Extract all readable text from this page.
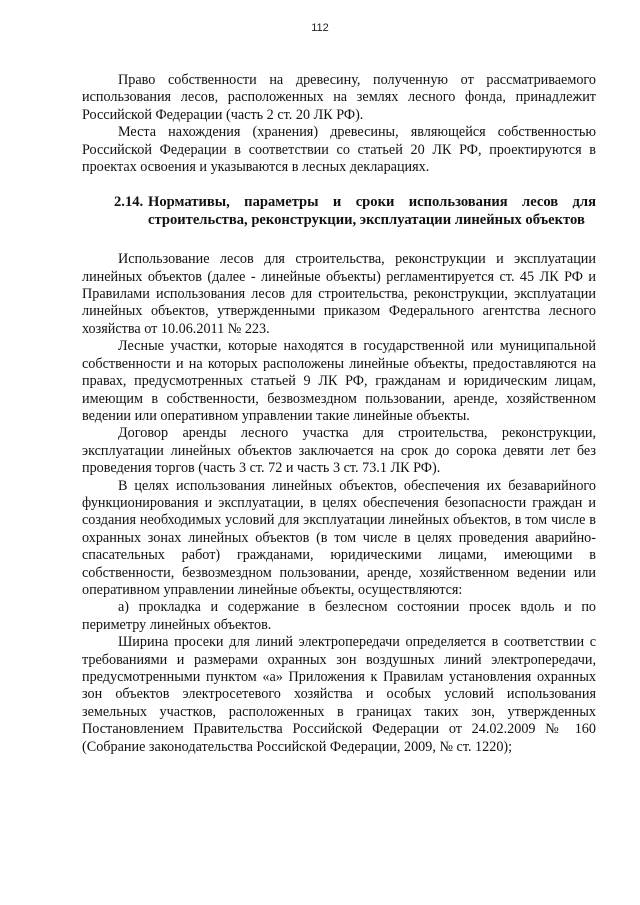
112

Право собственности на древесину, полученную от рассматриваемого использования лесов, расположенных на землях лесного фонда, принадлежит Российской Федерации (часть 2 ст. 20 ЛК РФ).

Места нахождения (хранения) древесины, являющейся собственностью Российской Федерации в соответствии со статьей 20 ЛК РФ, проектируются в проектах освоения и указываются в лесных декларациях.

2.14. Нормативы, параметры и сроки использования лесов для строительства, реконструкции, эксплуатации линейных объектов

Использование лесов для строительства, реконструкции и эксплуатации линейных объектов (далее - линейные объекты) регламентируется ст. 45 ЛК РФ и Правилами использования лесов для строительства, реконструкции, эксплуатации линейных объектов, утвержденными приказом Федерального агентства лесного хозяйства от 10.06.2011 № 223.

Лесные участки, которые находятся в государственной или муниципальной собственности и на которых расположены линейные объекты, предоставляются на правах, предусмотренных статьей 9 ЛК РФ, гражданам и юридическим лицам, имеющим в собственности, безвозмездном пользовании, аренде, хозяйственном ведении или оперативном управлении такие линейные объекты.

Договор аренды лесного участка для строительства, реконструкции, эксплуатации линейных объектов заключается на срок до сорока девяти лет без проведения торгов (часть 3 ст. 72 и часть 3 ст. 73.1 ЛК РФ).

В целях использования линейных объектов, обеспечения их безаварийного функционирования и эксплуатации, в целях обеспечения безопасности граждан и создания необходимых условий для эксплуатации линейных объектов, в том числе в охранных зонах линейных объектов (в том числе в целях проведения аварийно-спасательных работ) гражданами, юридическими лицами, имеющими в собственности, безвозмездном пользовании, аренде, хозяйственном ведении или оперативном управлении линейные объекты, осуществляются:

а) прокладка и содержание в безлесном состоянии просек вдоль и по периметру линейных объектов.

Ширина просеки для линий электропередачи определяется в соответствии с требованиями и размерами охранных зон воздушных линий электропередачи, предусмотренными пунктом «а» Приложения к Правилам установления охранных зон объектов электросетевого хозяйства и особых условий использования земельных участков, расположенных в границах таких зон, утвержденных Постановлением Правительства Российской Федерации от 24.02.2009 № 160 (Собрание законодательства Российской Федерации, 2009, № ст. 1220);
